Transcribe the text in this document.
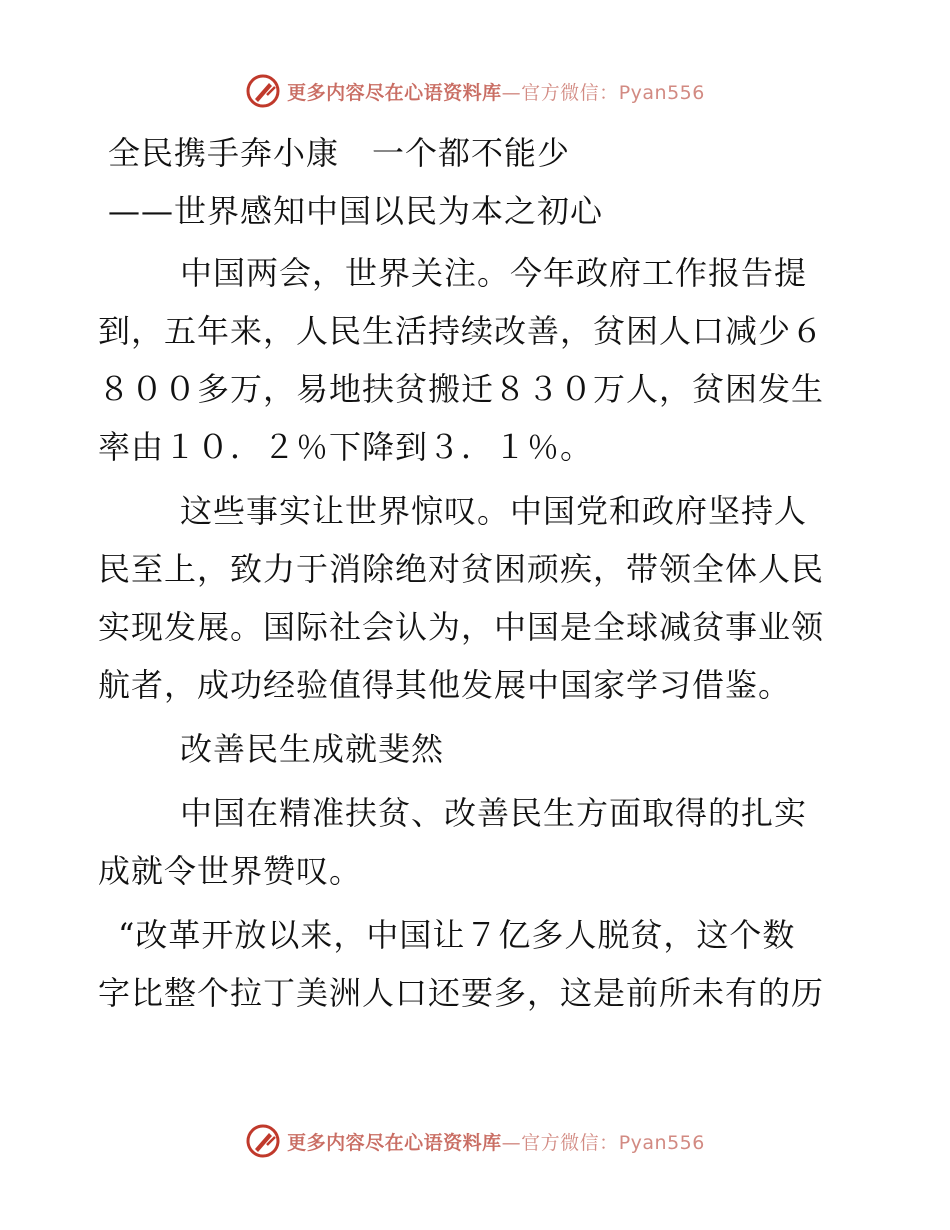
更多内容尽在心语资料库—官方微信：Pyan556
全民携手奔小康　一个都不能少
——世界感知中国以民为本之初心
中国两会，世界关注。今年政府工作报告提
到，五年来，人民生活持续改善，贫困人口减少６
８００多万，易地扶贫搬迁８３０万人，贫困发生
率由１０．２％下降到３．１％。
这些事实让世界惊叹。中国党和政府坚持人
民至上，致力于消除绝对贫困顽疾，带领全体人民
实现发展。国际社会认为，中国是全球减贫事业领
航者，成功经验值得其他发展中国家学习借鉴。
改善民生成就斐然
中国在精准扶贫、改善民生方面取得的扎实
成就令世界赞叹。
“改革开放以来，中国让７亿多人脱贫，这个数
字比整个拉丁美洲人口还要多，这是前所未有的历
更多内容尽在心语资料库—官方微信：Pyan556
